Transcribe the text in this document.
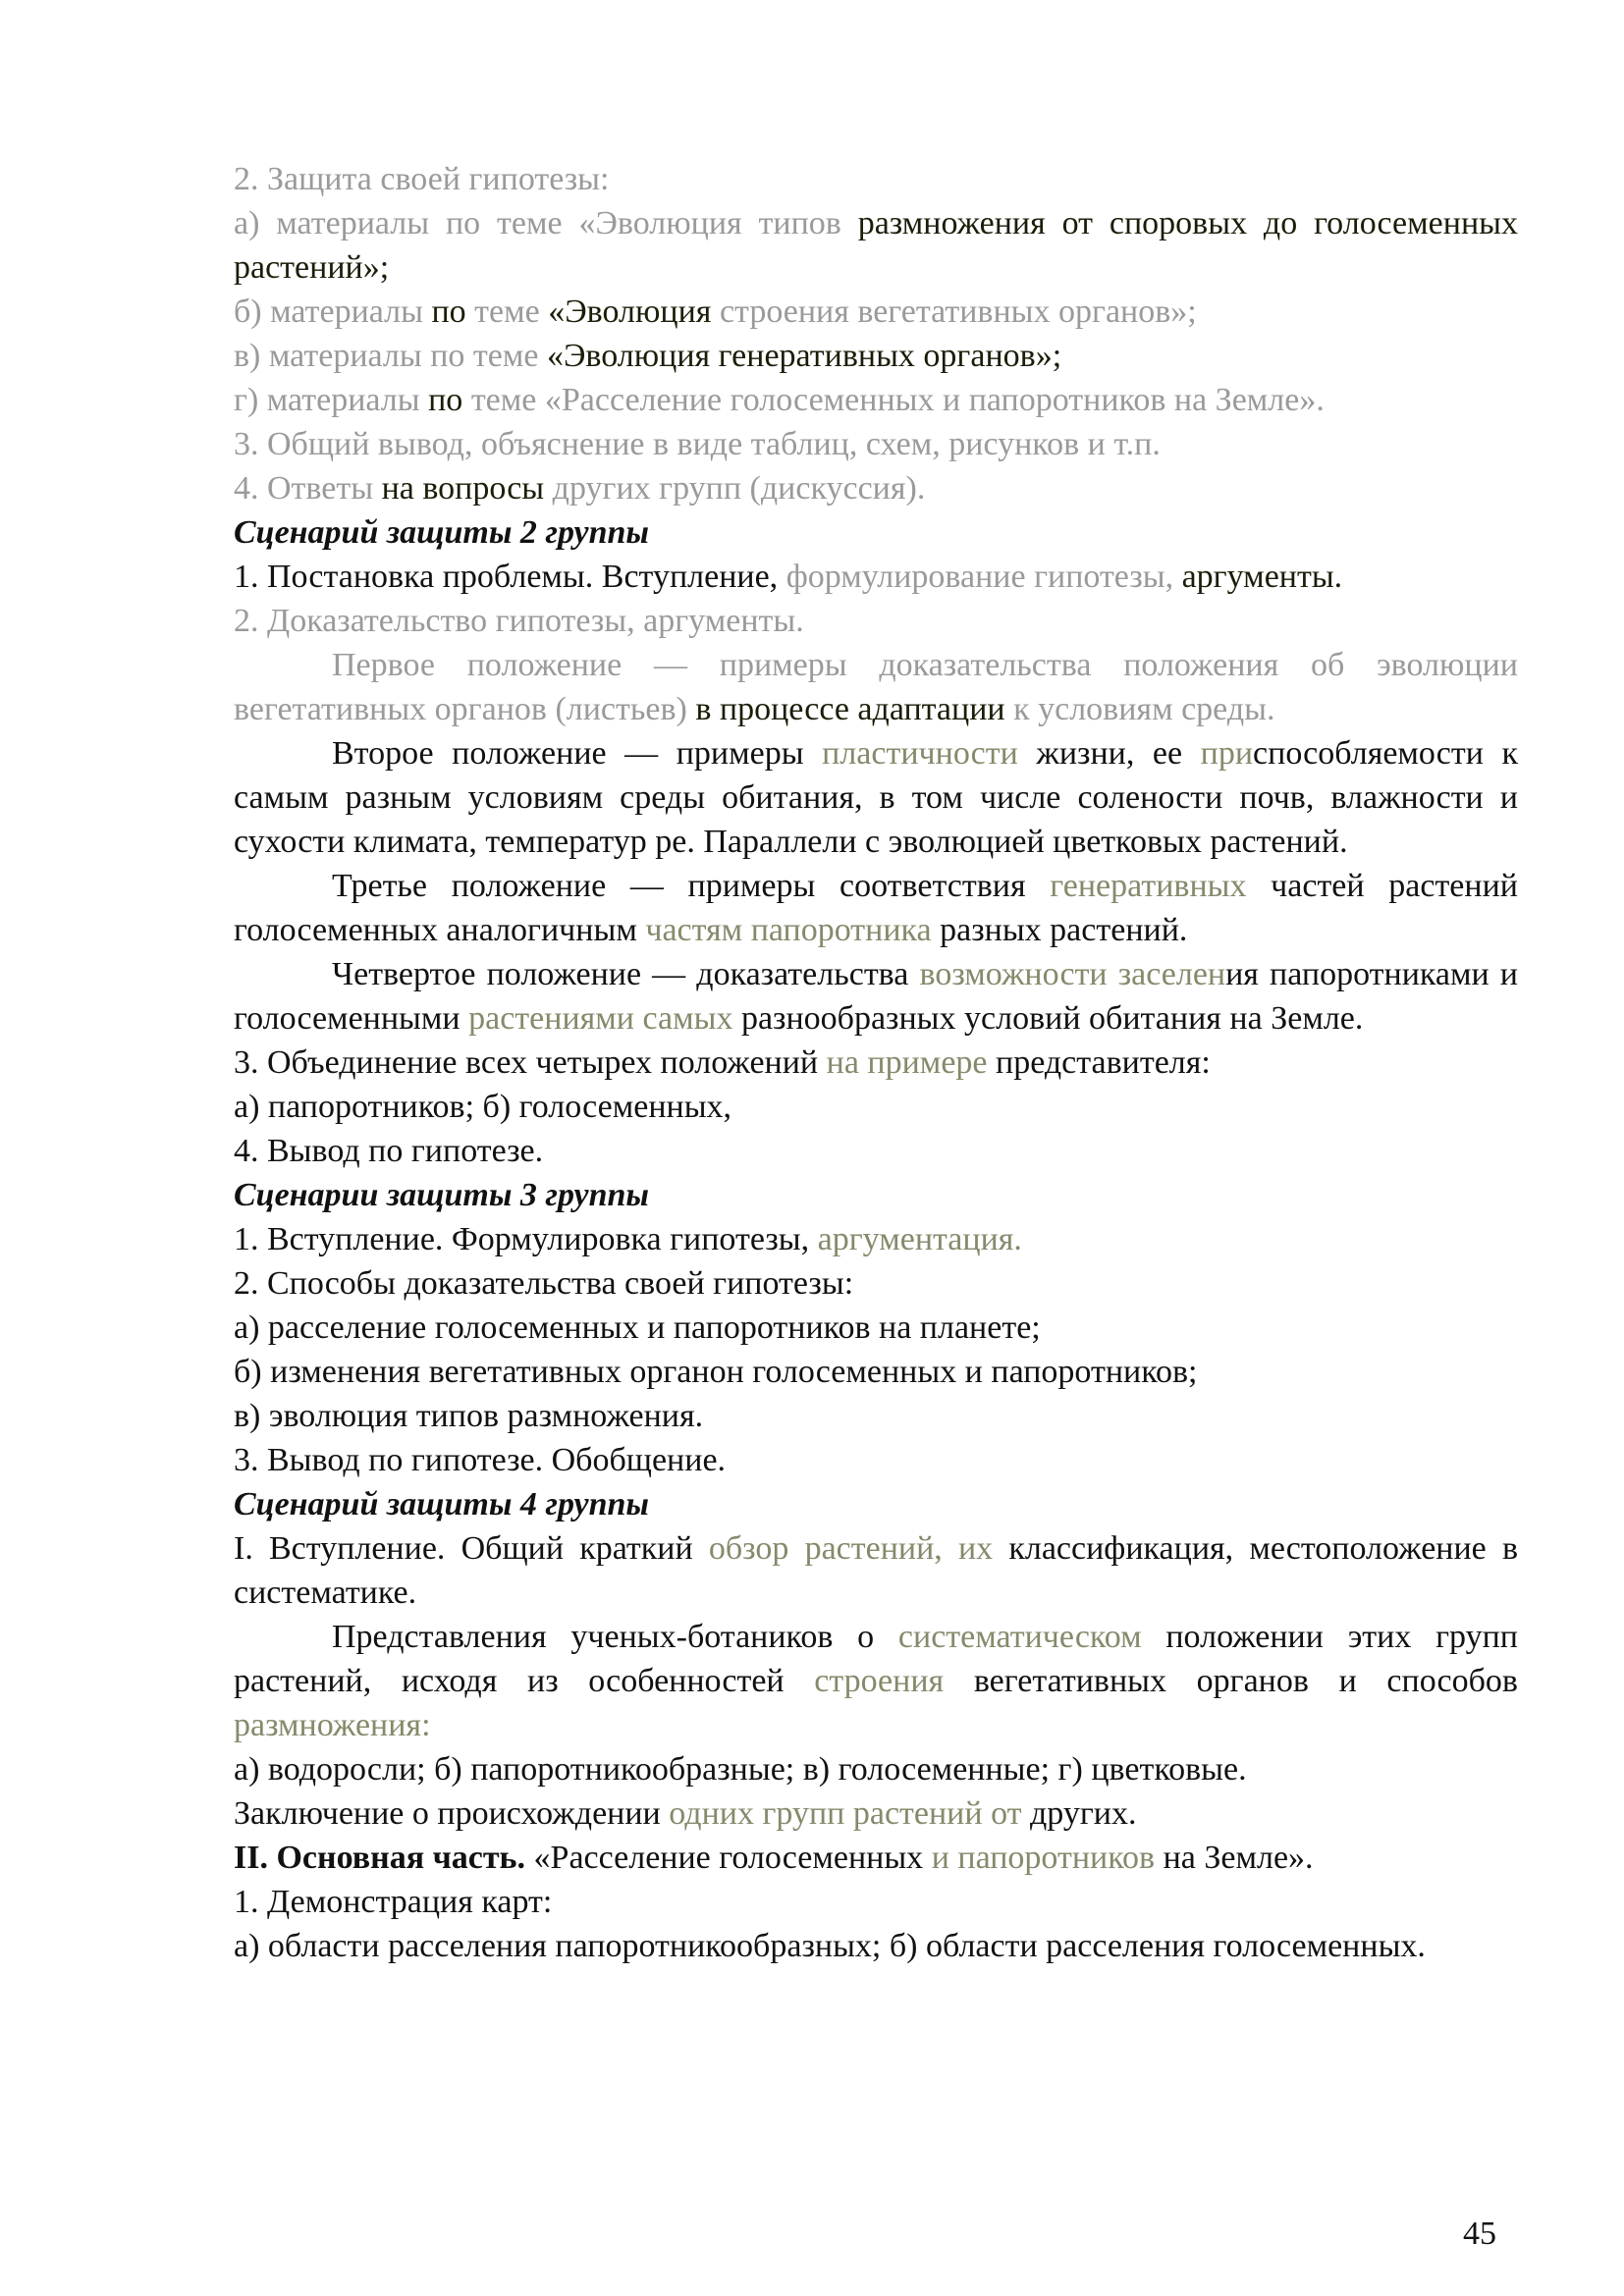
2. Защита своей гипотезы:

а) материалы по теме «Эволюция типов размножения от споровых до голосеменных растений»;

б) материалы по теме «Эволюция строения вегетативных органов»;

в) материалы по теме «Эволюция генеративных органов»;

г) материалы по теме «Расселение голосеменных и папоротников на Земле».

3. Общий вывод, объяснение в виде таблиц, схем, рисунков и т.п.

4. Ответы на вопросы других групп (дискуссия).

Сценарий защиты 2 группы

1. Постановка проблемы. Вступление, формулирование гипотезы, аргументы.

2. Доказательство гипотезы, аргументы.

Первое положение — примеры доказательства положения об эволюции вегетативных органов (листьев) в процессе адаптации к условиям среды.

Второе положение — примеры пластичности жизни, ее приспособляемости к самым разным условиям среды обитания, в том числе солености почв, влажности и сухости климата, температур ре. Параллели с эволюцией цветковых растений.

Третье положение — примеры соответствия генеративных частей растений голосеменных аналогичным частям папоротника разных растений.

Четвертое положение — доказательства возможности заселения папоротниками и голосеменными растениями самых разнообразных условий обитания на Земле.

3. Объединение всех четырех положений на примере представителя:

а) папоротников; б) голосеменных,

4. Вывод по гипотезе.

Сценарии защиты 3 группы

1. Вступление. Формулировка гипотезы, аргументация.

2. Способы доказательства своей гипотезы:

а) расселение голосеменных и папоротников на планете;

б) изменения вегетативных органон голосеменных и папоротников;

в) эволюция типов размножения.

3. Вывод по гипотезе. Обобщение.

Сценарий защиты 4 группы

I. Вступление. Общий краткий обзор растений, их классификация, местоположение в систематике.

Представления ученых-ботаников о систематическом положении этих групп растений, исходя из особенностей строения вегетативных органов и способов размножения:

а) водоросли; б) папоротникообразные; в) голосеменные; г) цветковые.

Заключение о происхождении одних групп растений от других.

II. Основная часть. «Расселение голосеменных и папоротников на Земле».

1. Демонстрация карт:

а) области расселения папоротникообразных; б) области расселения голосеменных.

45
